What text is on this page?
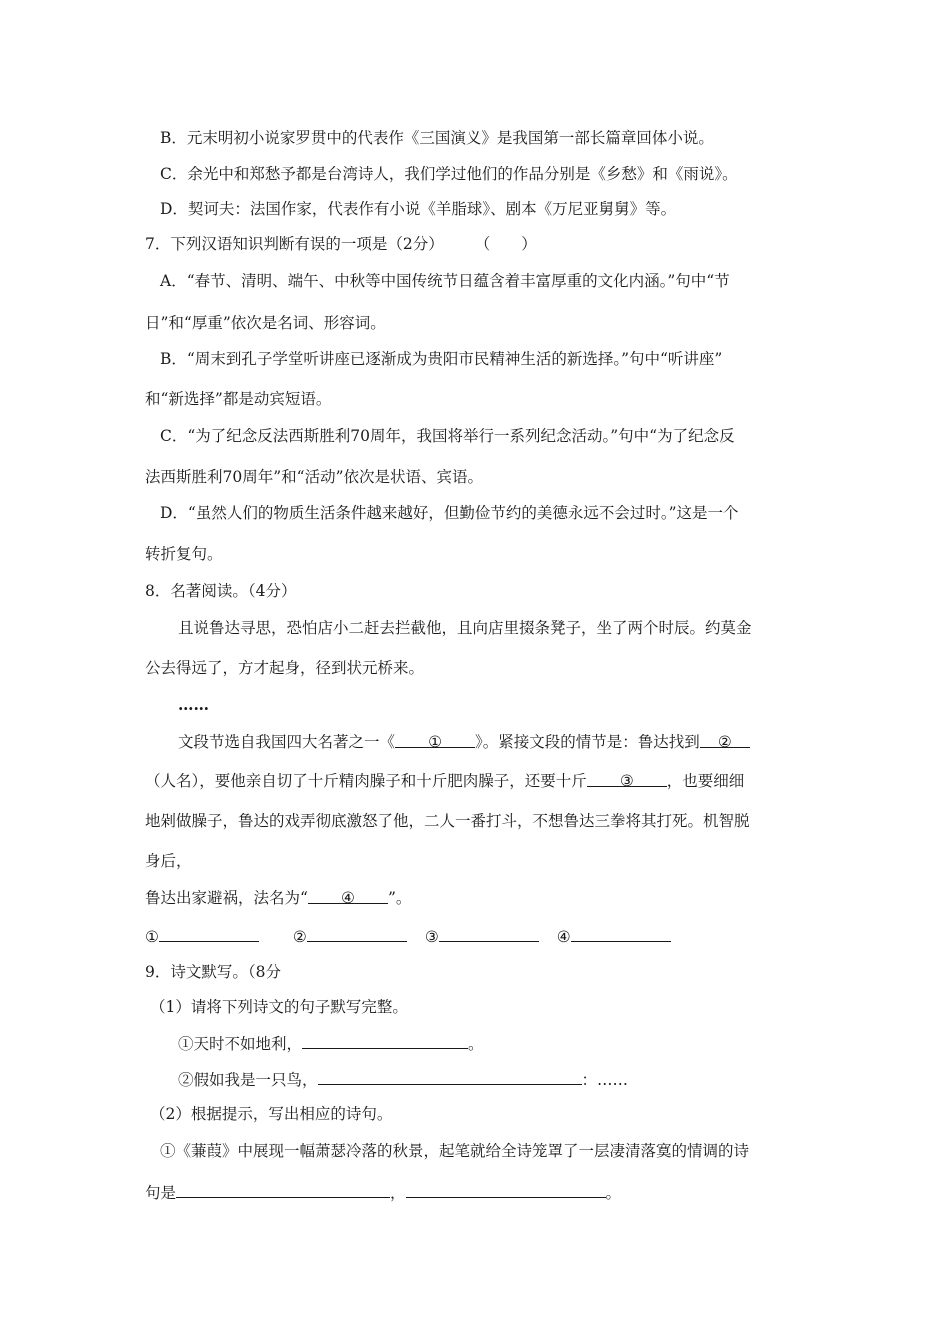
B．元末明初小说家罗贯中的代表作《三国演义》是我国第一部长篇章回体小说。
C．余光中和郑愁予都是台湾诗人，我们学过他们的作品分别是《乡愁》和《雨说》。
D．契诃夫：法国作家，代表作有小说《羊脂球》、剧本《万尼亚舅舅》等。
7．下列汉语知识判断有误的一项是（2分）　　　（　　）
A．“春节、清明、端午、中秋等中国传统节日蕴含着丰富厚重的文化内涵。”句中“节
日”和“厚重”依次是名词、形容词。
B．“周末到孔子学堂听讲座已逐渐成为贵阳市民精神生活的新选择。”句中“听讲座”
和“新选择”都是动宾短语。
C．“为了纪念反法西斯胜利70周年，我国将举行一系列纪念活动。”句中“为了纪念反
法西斯胜利70周年”和“活动”依次是状语、宾语。
D．“虽然人们的物质生活条件越来越好，但勤俭节约的美德永远不会过时。”这是一个
转折复句。
8．名著阅读。（4分）
且说鲁达寻思，恐怕店小二赶去拦截他，且向店里掇条凳子，坐了两个时辰。约莫金
公去得远了，方才起身，径到状元桥来。
……
文段节选自我国四大名著之一《 ① 》。紧接文段的情节是：鲁达找到 ②
（人名），要他亲自切了十斤精肉臊子和十斤肥肉臊子，还要十斤 ③ ，也要细细
地剁做臊子，鲁达的戏弄彻底激怒了他，二人一番打斗，不想鲁达三拳将其打死。机智脱
身后，
鲁达出家避祸，法名为“ ④ ”。
①	②	③	④
9．诗文默写。（8分
（1）请将下列诗文的句子默写完整。
①天时不如地利，	。
②假如我是一只鸟，	：……
（2）根据提示，写出相应的诗句。
①《蒹葭》中展现一幅萧瑟冷落的秋景，起笔就给全诗笼罩了一层凄清落寞的情调的诗
句是	，	。
